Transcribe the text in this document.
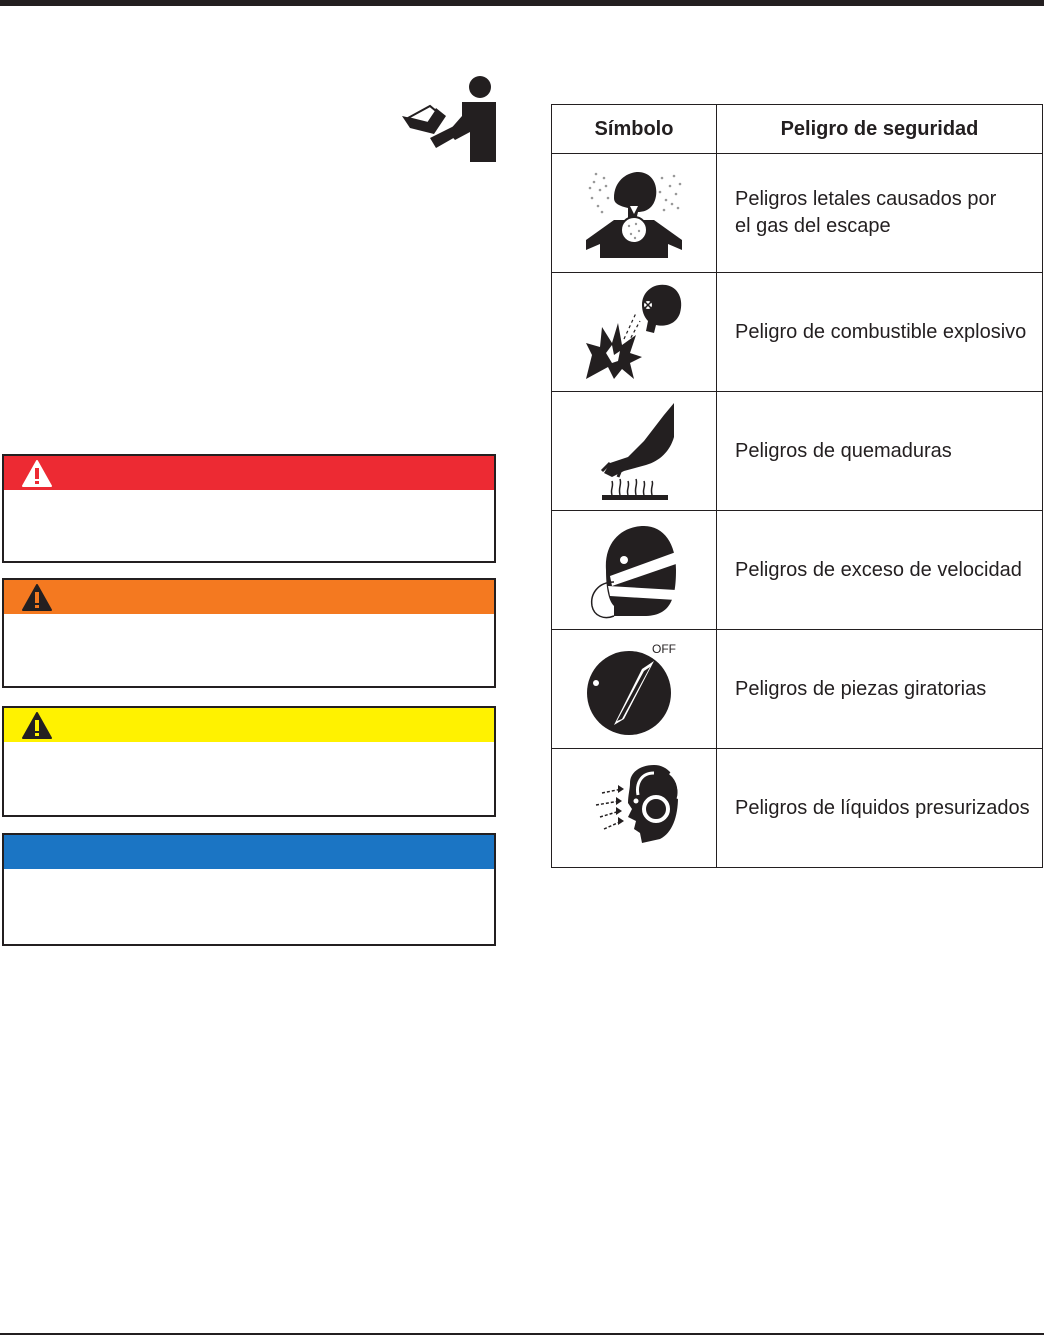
Símbolo	Peligro de seguridad

Peligros letales causados por
el gas del escape

Peligro de combustible explosivo

Peligros de quemaduras

Peligros de exceso de velocidad

OFF	Peligros de piezas giratorias

Peligros de líquidos presurizados
